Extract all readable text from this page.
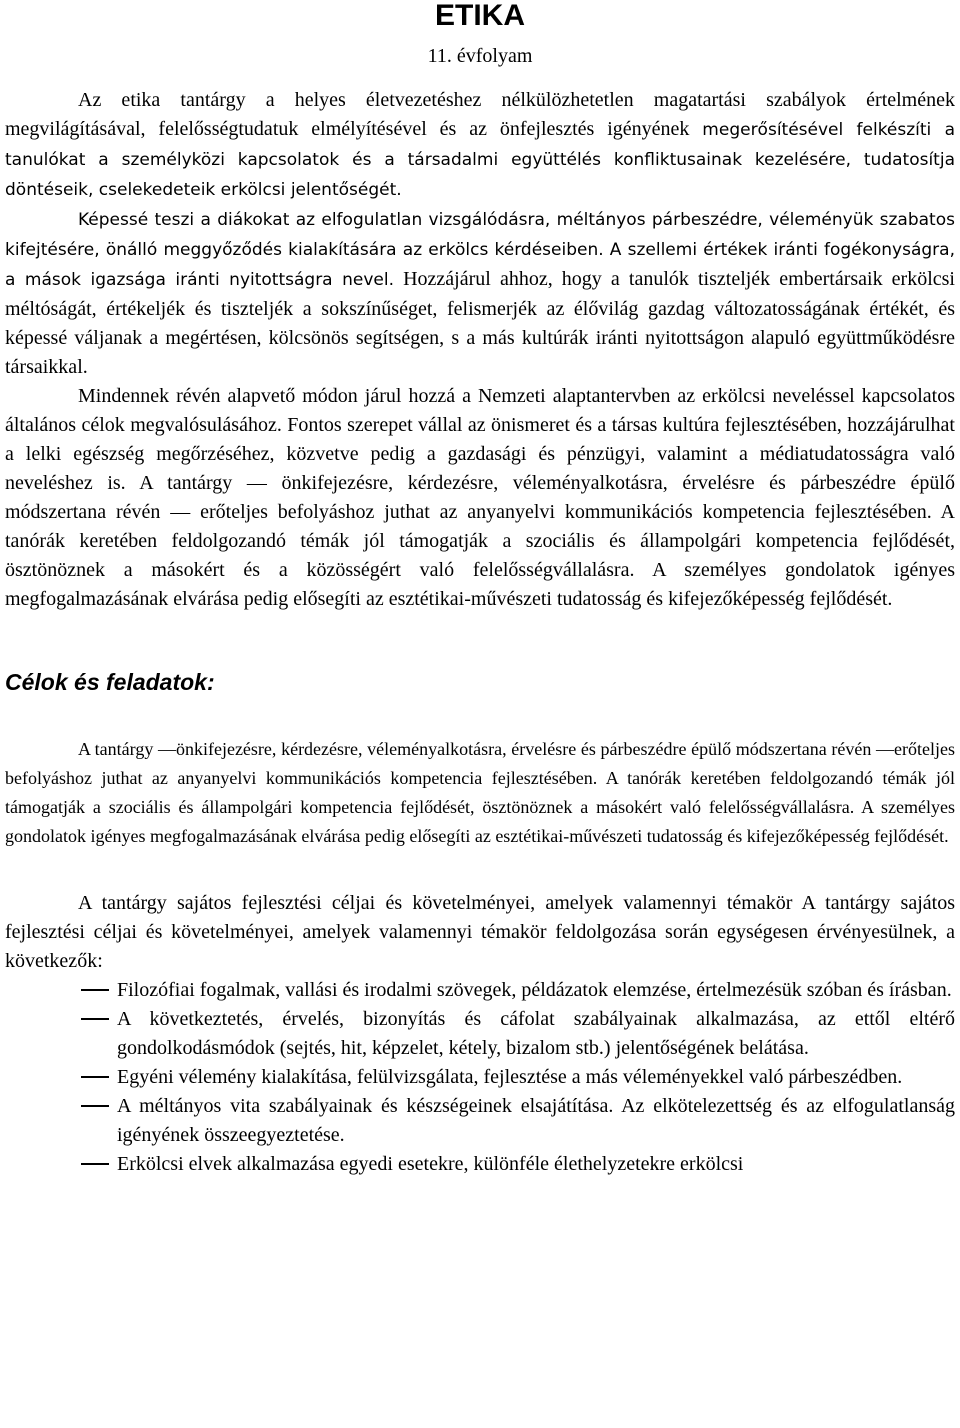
ETIKA
11. évfolyam

Az etika tantárgy a helyes életvezetéshez nélkülözhetetlen magatartási szabályok értelmének megvilágításával, felelősségtudatuk elmélyítésével és az önfejlesztés igényének megerősítésével felkészíti a tanulókat a személyközi kapcsolatok és a társadalmi együttélés konfliktusainak kezelésére, tudatosítja döntéseik, cselekedeteik erkölcsi jelentőségét.

Képessé teszi a diákokat az elfogulatlan vizsgálódásra, méltányos párbeszédre, véleményük szabatos kifejtésére, önálló meggyőződés kialakítására az erkölcs kérdéseiben. A szellemi értékek iránti fogékonyságra, a mások igazsága iránti nyitottságra nevel. Hozzájárul ahhoz, hogy a tanulók tiszteljék embertársaik erkölcsi méltóságát, értékeljék és tiszteljék a sokszínűséget, felismerjék az élővilág gazdag változatosságának értékét, és képessé váljanak a megértésen, kölcsönös segítségen, s a más kultúrák iránti nyitottságon alapuló együttműködésre társaikkal.

Mindennek révén alapvető módon járul hozzá a Nemzeti alaptantervben az erkölcsi neveléssel kapcsolatos általános célok megvalósulásához. Fontos szerepet vállal az önismeret és a társas kultúra fejlesztésében, hozzájárulhat a lelki egészség megőrzéséhez, közvetve pedig a gazdasági és pénzügyi, valamint a médiatudatosságra való neveléshez is. A tantárgy — önkifejezésre, kérdezésre, véleményalkotásra, érvelésre és párbeszédre épülő módszertana révén — erőteljes befolyáshoz juthat az anyanyelvi kommunikációs kompetencia fejlesztésében. A tanórák keretében feldolgozandó témák jól támogatják a szociális és állampolgári kompetencia fejlődését, ösztönöznek a másokért és a közösségért való felelősségvállalásra. A személyes gondolatok igényes megfogalmazásának elvárása pedig elősegíti az esztétikai-művészeti tudatosság és kifejezőképesség fejlődését.

Célok és feladatok:

A tantárgy —önkifejezésre, kérdezésre, véleményalkotásra, érvelésre és párbeszédre épülő módszertana révén —erőteljes befolyáshoz juthat az anyanyelvi kommunikációs kompetencia fejlesztésében. A tanórák keretében feldolgozandó témák jól támogatják a szociális és állampolgári kompetencia fejlődését, ösztönöznek a másokért való felelősségvállalásra. A személyes gondolatok igényes megfogalmazásának elvárása pedig elősegíti az esztétikai-művészeti tudatosság és kifejezőképesség fejlődését.

A tantárgy sajátos fejlesztési céljai és követelményei, amelyek valamennyi témakör A tantárgy sajátos fejlesztési céljai és követelményei, amelyek valamennyi témakör feldolgozása során egységesen érvényesülnek, a következők:

Filozófiai fogalmak, vallási és irodalmi szövegek, példázatok elemzése, értelmezésük szóban és írásban.
A következtetés, érvelés, bizonyítás és cáfolat szabályainak alkalmazása, az ettől eltérő gondolkodásmódok (sejtés, hit, képzelet, kétely, bizalom stb.) jelentőségének belátása.
Egyéni vélemény kialakítása, felülvizsgálata, fejlesztése a más véleményekkel való párbeszédben.
A méltányos vita szabályainak és készségeinek elsajátítása. Az elkötelezettség és az elfogulatlanság igényének összeegyeztetése.
Erkölcsi elvek alkalmazása egyedi esetekre, különféle élethelyzetekre erkölcsi
